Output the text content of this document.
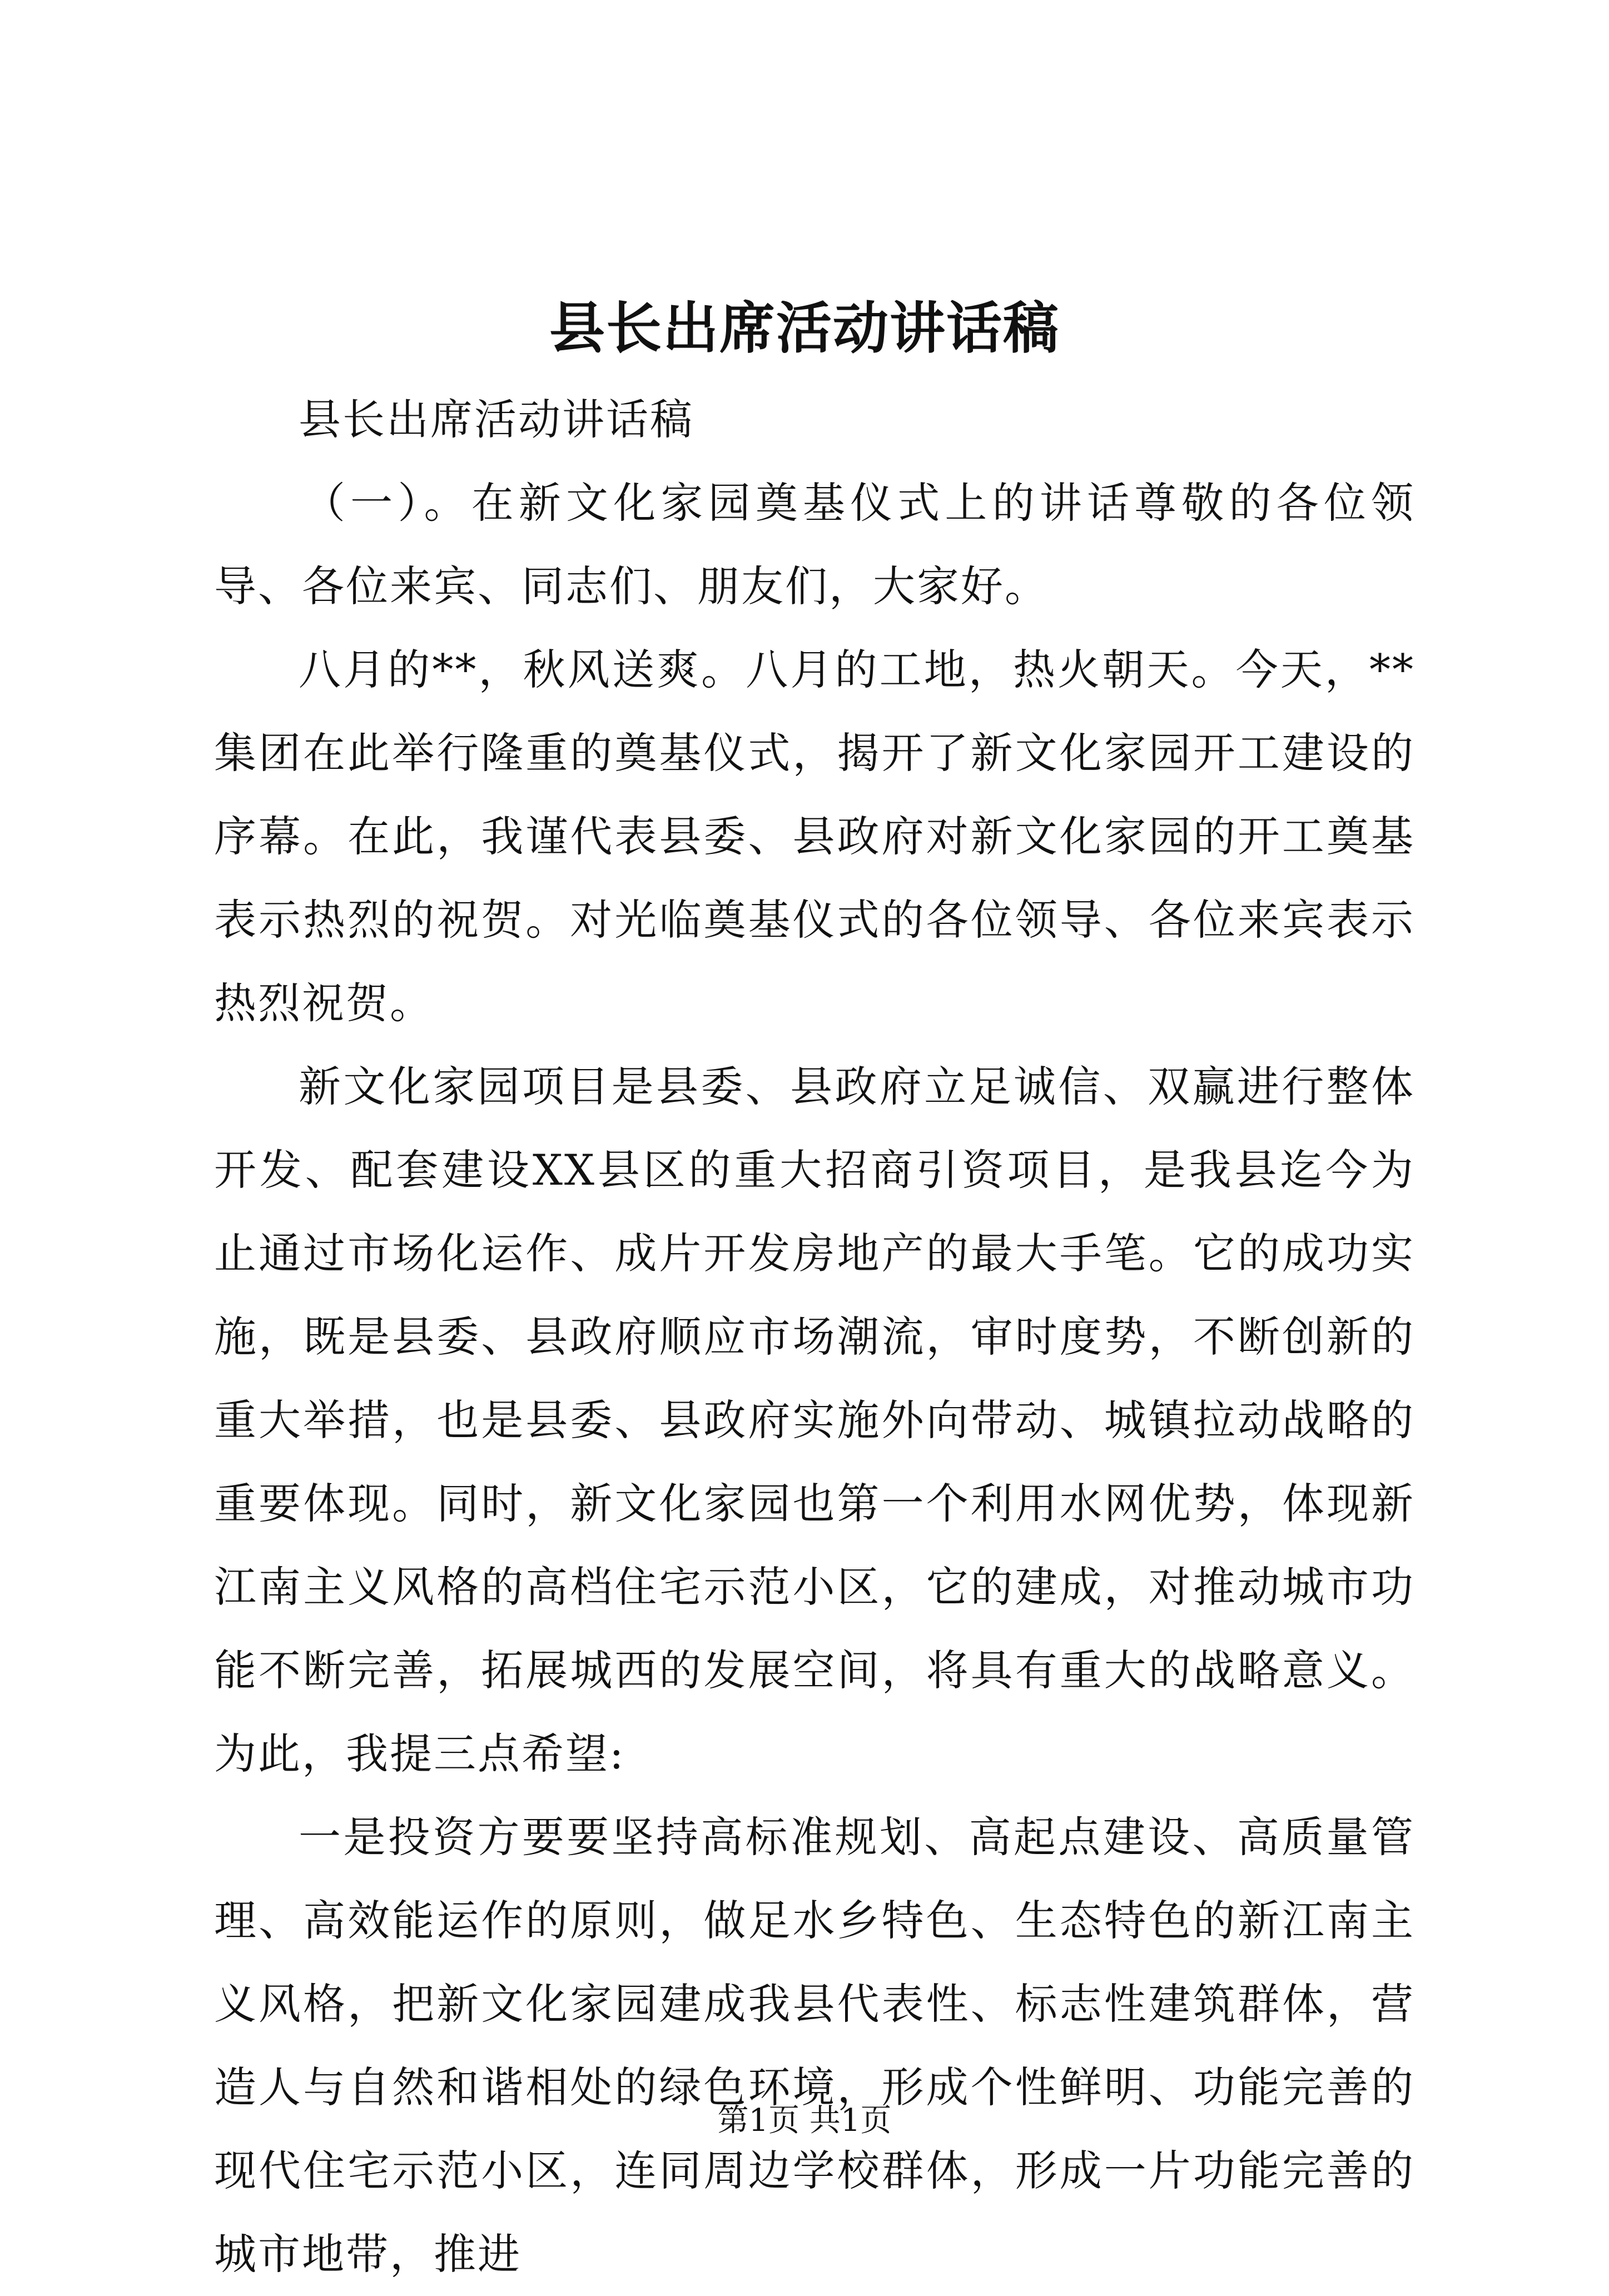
县长出席活动讲话稿

县长出席活动讲话稿

（一）。在新文化家园奠基仪式上的讲话尊敬的各位领导、各位来宾、同志们、朋友们，大家好。

八月的**，秋风送爽。八月的工地，热火朝天。今天，**集团在此举行隆重的奠基仪式，揭开了新文化家园开工建设的序幕。在此，我谨代表县委、县政府对新文化家园的开工奠基表示热烈的祝贺。对光临奠基仪式的各位领导、各位来宾表示热烈祝贺。

新文化家园项目是县委、县政府立足诚信、双赢进行整体开发、配套建设XX县区的重大招商引资项目，是我县迄今为止通过市场化运作、成片开发房地产的最大手笔。它的成功实施，既是县委、县政府顺应市场潮流，审时度势，不断创新的重大举措，也是县委、县政府实施外向带动、城镇拉动战略的重要体现。同时，新文化家园也第一个利用水网优势，体现新江南主义风格的高档住宅示范小区，它的建成，对推动城市功能不断完善，拓展城西的发展空间，将具有重大的战略意义。为此，我提三点希望:

一是投资方要要坚持高标准规划、高起点建设、高质量管理、高效能运作的原则，做足水乡特色、生态特色的新江南主义风格，把新文化家园建成我县代表性、标志性建筑群体，营造人与自然和谐相处的绿色环境，形成个性鲜明、功能完善的现代住宅示范小区，连同周边学校群体，形成一片功能完善的城市地带，推进

第1页 共1页
